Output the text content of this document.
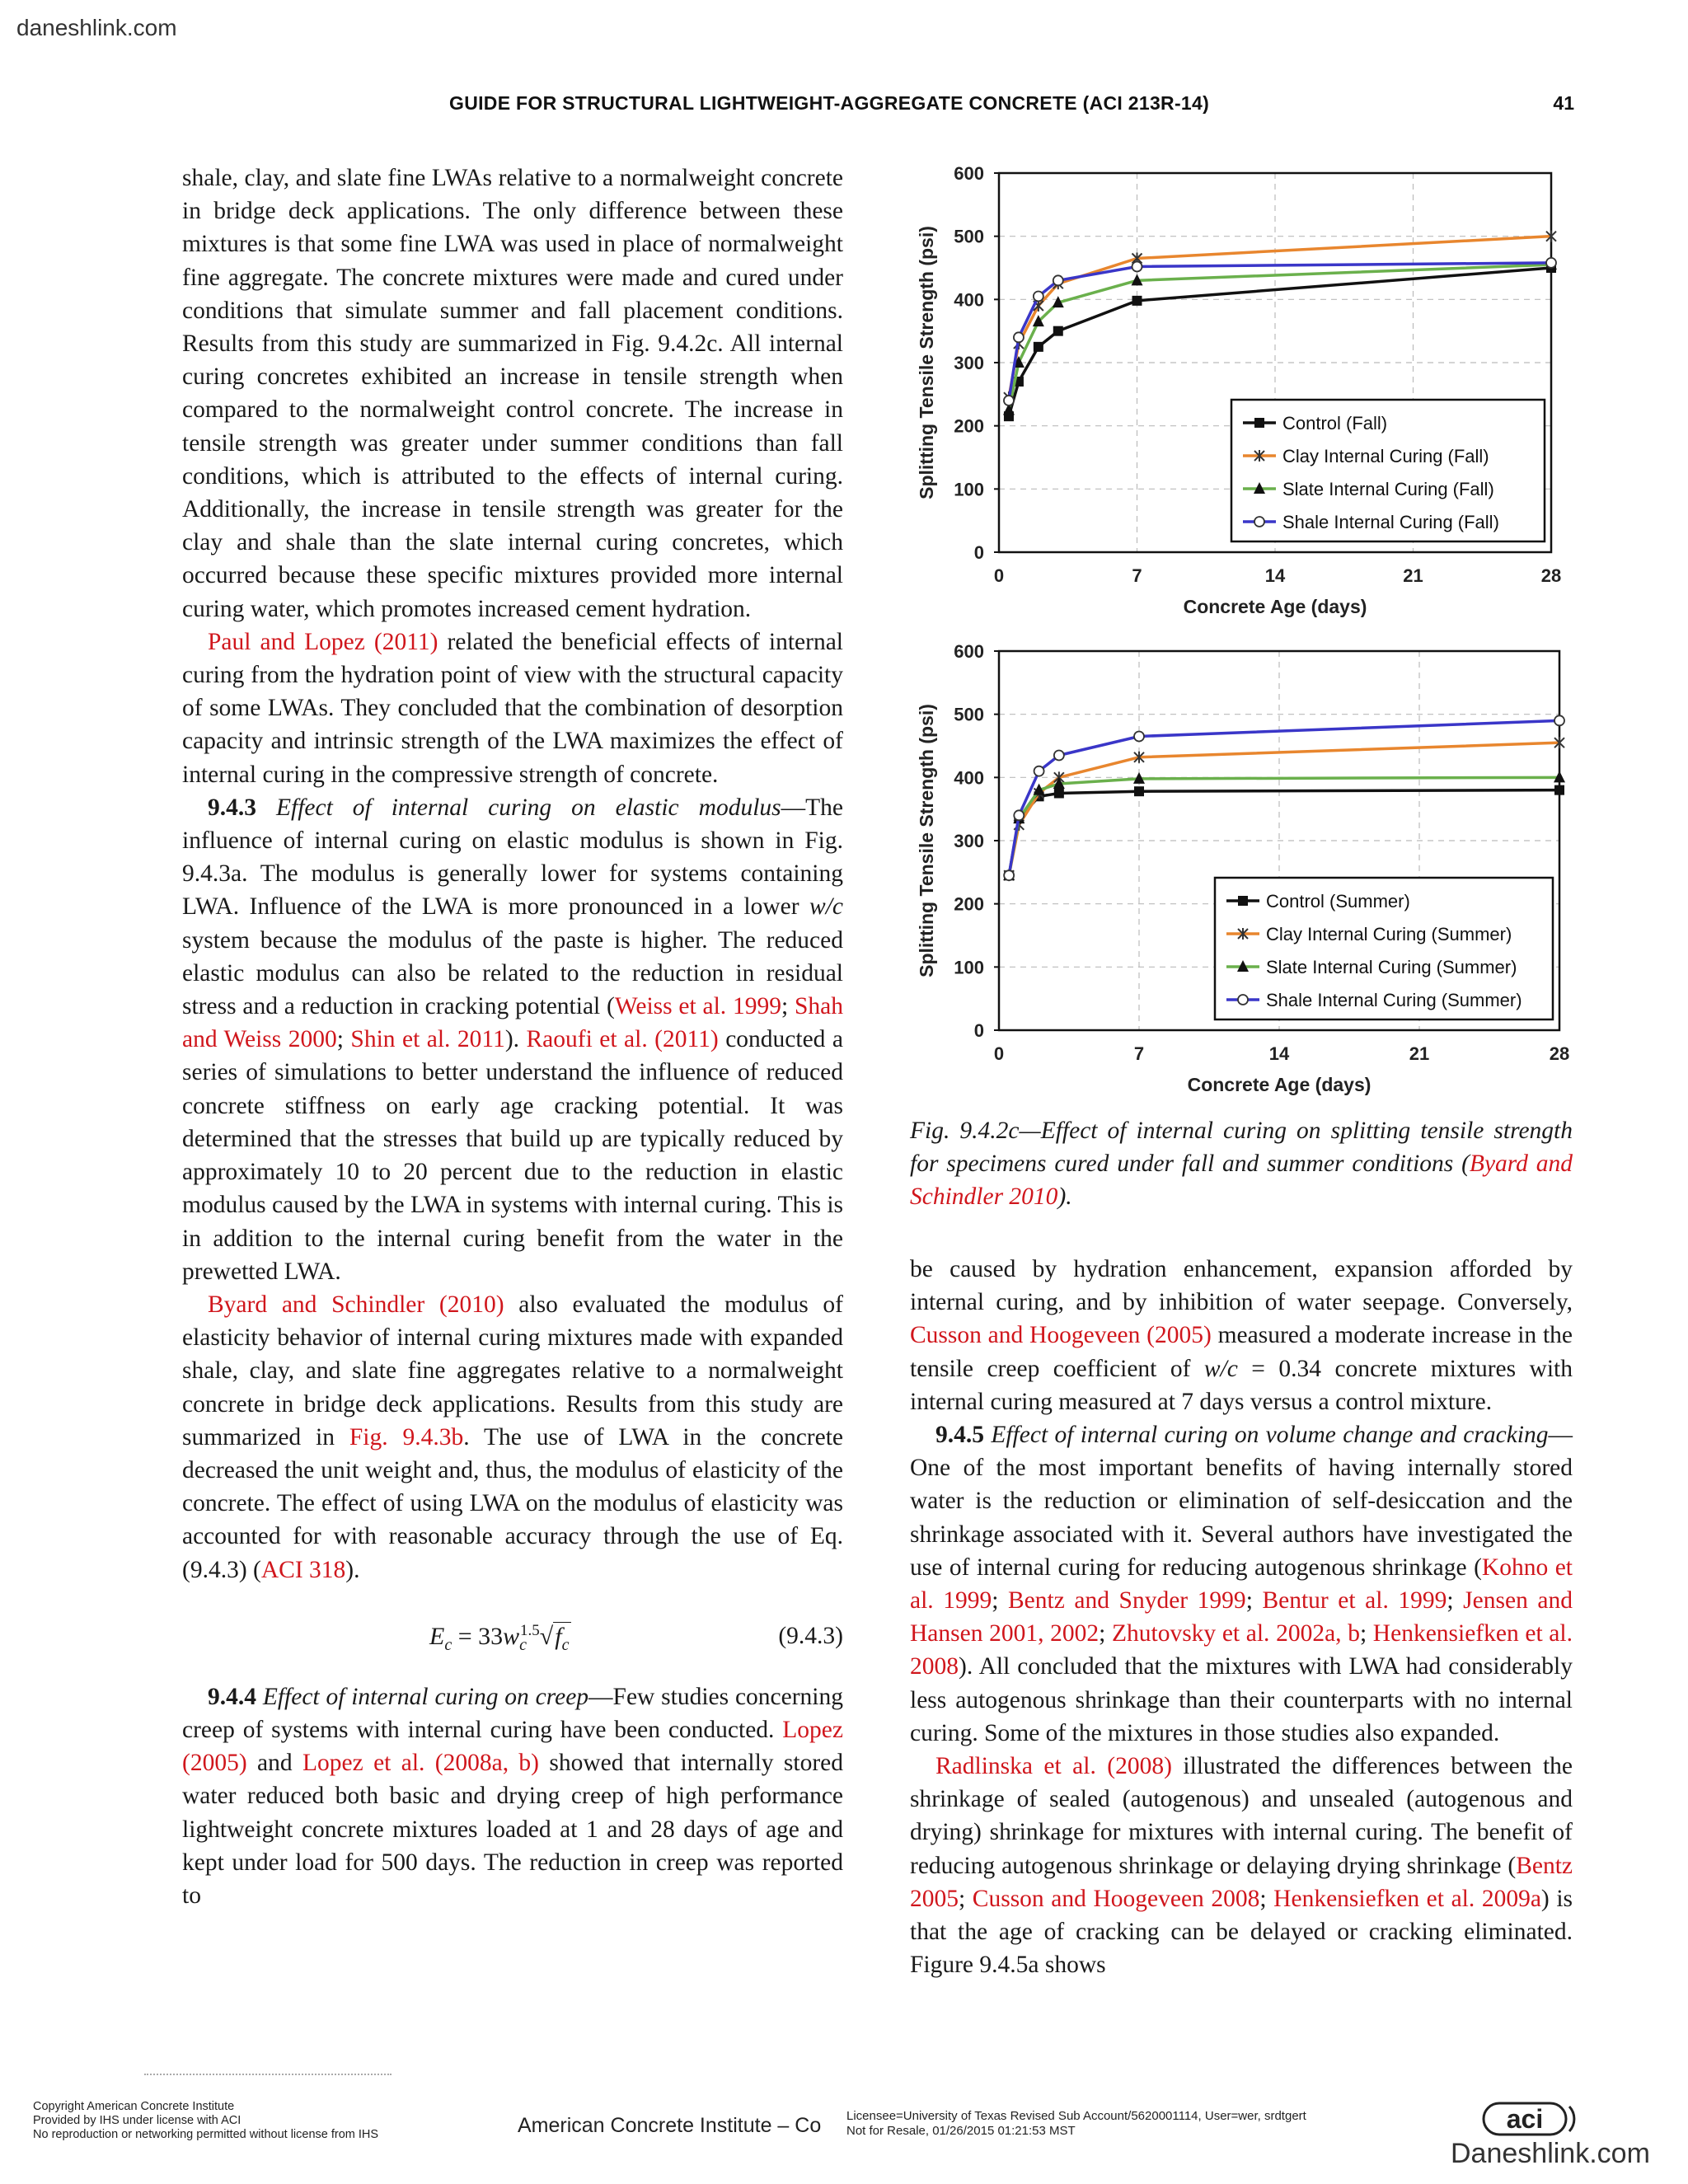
daneshlink.com
GUIDE FOR STRUCTURAL LIGHTWEIGHT-AGGREGATE CONCRETE (ACI 213R-14)	41

shale, clay, and slate fine LWAs relative to a normalweight concrete in bridge deck applications. The only difference between these mixtures is that some fine LWA was used in place of normalweight fine aggregate. The concrete mixtures were made and cured under conditions that simulate summer and fall placement conditions. Results from this study are summarized in Fig. 9.4.2c. All internal curing concretes exhibited an increase in tensile strength when compared to the normalweight control concrete. The increase in tensile strength was greater under summer conditions than fall conditions, which is attributed to the effects of internal curing. Additionally, the increase in tensile strength was greater for the clay and shale than the slate internal curing concretes, which occurred because these specific mixtures provided more internal curing water, which promotes increased cement hydration.

Paul and Lopez (2011) related the beneficial effects of internal curing from the hydration point of view with the structural capacity of some LWAs. They concluded that the combination of desorption capacity and intrinsic strength of the LWA maximizes the effect of internal curing in the compressive strength of concrete.

9.4.3 Effect of internal curing on elastic modulus—The influence of internal curing on elastic modulus is shown in Fig. 9.4.3a. The modulus is generally lower for systems containing LWA. Influence of the LWA is more pronounced in a lower w/c system because the modulus of the paste is higher. The reduced elastic modulus can also be related to the reduction in residual stress and a reduction in cracking potential (Weiss et al. 1999; Shah and Weiss 2000; Shin et al. 2011). Raoufi et al. (2011) conducted a series of simulations to better understand the influence of reduced concrete stiffness on early age cracking potential. It was determined that the stresses that build up are typically reduced by approximately 10 to 20 percent due to the reduction in elastic modulus caused by the LWA in systems with internal curing. This is in addition to the internal curing benefit from the water in the prewetted LWA.

Byard and Schindler (2010) also evaluated the modulus of elasticity behavior of internal curing mixtures made with expanded shale, clay, and slate fine aggregates relative to a normalweight concrete in bridge deck applications. Results from this study are summarized in Fig. 9.4.3b. The use of LWA in the concrete decreased the unit weight and, thus, the modulus of elasticity of the concrete. The effect of using LWA on the modulus of elasticity was accounted for with reasonable accuracy through the use of Eq. (9.4.3) (ACI 318).

$E_c = 33w_c^{1.5}√f_c$	(9.4.3)

9.4.4 Effect of internal curing on creep—Few studies concerning creep of systems with internal curing have been conducted. Lopez (2005) and Lopez et al. (2008a, b) showed that internally stored water reduced both basic and drying creep of high performance lightweight concrete mixtures loaded at 1 and 28 days of age and kept under load for 500 days. The reduction in creep was reported to

0
100
200
300
400
500
600
0	7	14	21	28
Concrete Age (days)
Splitting Tensile Strength (psi)	Control (Fall)
Clay Internal Curing (Fall)
Slate Internal Curing (Fall)
Shale Internal Curing (Fall)
0
100
200
300
400
500
600
0	7	14	21	28
Concrete Age (days)
Splitting Tensile Strength (psi)	Control (Summer)
Clay Internal Curing (Summer)
Slate Internal Curing (Summer)
Shale Internal Curing (Summer)
Fig. 9.4.2c—Effect of internal curing on splitting tensile strength for specimens cured under fall and summer conditions (Byard and Schindler 2010).

be caused by hydration enhancement, expansion afforded by internal curing, and by inhibition of water seepage. Conversely, Cusson and Hoogeveen (2005) measured a moderate increase in the tensile creep coefficient of w/c = 0.34 concrete mixtures with internal curing measured at 7 days versus a control mixture.

9.4.5 Effect of internal curing on volume change and cracking—One of the most important benefits of having internally stored water is the reduction or elimination of self-desiccation and the shrinkage associated with it. Several authors have investigated the use of internal curing for reducing autogenous shrinkage (Kohno et al. 1999; Bentz and Snyder 1999; Bentur et al. 1999; Jensen and Hansen 2001, 2002; Zhutovsky et al. 2002a, b; Henkensiefken et al. 2008). All concluded that the mixtures with LWA had considerably less autogenous shrinkage than their counterparts with no internal curing. Some of the mixtures in those studies also expanded.

Radlinska et al. (2008) illustrated the differences between the shrinkage of sealed (autogenous) and unsealed (autogenous and drying) shrinkage for mixtures with internal curing. The benefit of reducing autogenous shrinkage or delaying drying shrinkage (Bentz 2005; Cusson and Hoogeveen 2008; Henkensiefken et al. 2009a) is that the age of cracking can be delayed or cracking eliminated. Figure 9.4.5a shows

Copyright American Concrete Institute
Provided by IHS under license with ACI
No reproduction or networking permitted without license from IHS	American Concrete Institute – Co Licensee=University of Texas Revised Sub Account/5620001114, User=wer, srdtgert
Not for Resale, 01/26/2015 01:21:53 MST	aci
Daneshlink.com
